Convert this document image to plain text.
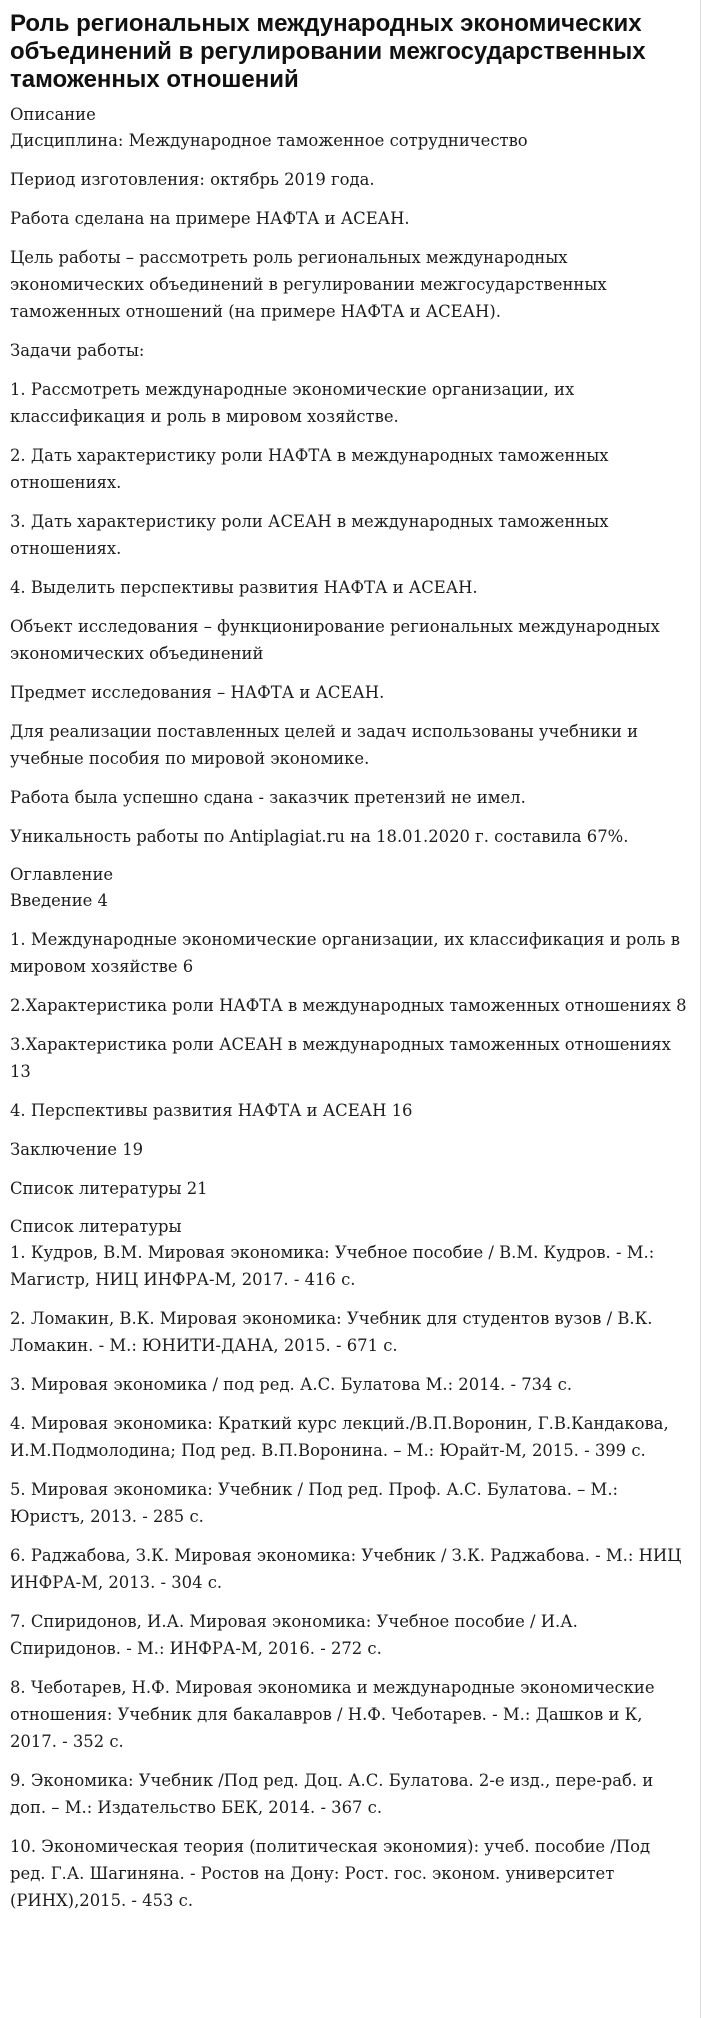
Роль региональных международных экономических объединений в регулировании межгосударственных таможенных отношений
Описание

Дисциплина: Международное таможенное сотрудничество

Период изготовления: октябрь 2019 года.

Работа сделана на примере НАФТА и АСЕАН.

Цель работы – рассмотреть роль региональных международных экономических объединений в регулировании межгосударственных таможенных отношений (на примере НАФТА и АСЕАН).

Задачи работы:

1. Рассмотреть международные экономические организации, их классификация и роль в мировом хозяйстве.

2. Дать характеристику роли НАФТА в международных таможенных отношениях.

3. Дать характеристику роли АСЕАН в международных таможенных отношениях.

4. Выделить перспективы развития НАФТА и АСЕАН.

Объект исследования – функционирование региональных международных экономических объединений

Предмет исследования – НАФТА и АСЕАН.

Для реализации поставленных целей и задач использованы учебники и учебные пособия по мировой экономике.

Работа была успешно сдана - заказчик претензий не имел.

Уникальность работы по Antiplagiat.ru на 18.01.2020 г. составила 67%.

Оглавление

Введение 4

1. Международные экономические организации, их классификация и роль в мировом хозяйстве 6

2.Характеристика роли НАФТА в международных таможенных отношениях 8

3.Характеристика роли АСЕАН в международных таможенных отношениях 13

4. Перспективы развития НАФТА и АСЕАН 16

Заключение 19

Список литературы 21

Список литературы

1. Кудров, В.М. Мировая экономика: Учебное пособие / В.М. Кудров. - М.: Магистр, НИЦ ИНФРА-М, 2017. - 416 с.

2. Ломакин, В.К. Мировая экономика: Учебник для студентов вузов / В.К. Ломакин. - М.: ЮНИТИ-ДАНА, 2015. - 671 с.

3. Мировая экономика / под ред. А.С. Булатова М.: 2014. - 734 с.

4. Мировая экономика: Краткий курс лекций./В.П.Воронин, Г.В.Кандакова, И.М.Подмолодина; Под ред. В.П.Воронина. – М.: Юрайт-М, 2015. - 399 с.

5. Мировая экономика: Учебник / Под ред. Проф. А.С. Булатова. – М.: Юристъ, 2013. - 285 с.

6. Раджабова, З.К. Мировая экономика: Учебник / З.К. Раджабова. - М.: НИЦ ИНФРА-М, 2013. - 304 с.

7. Спиридонов, И.А. Мировая экономика: Учебное пособие / И.А. Спиридонов. - М.: ИНФРА-М, 2016. - 272 с.

8. Чеботарев, Н.Ф. Мировая экономика и международные экономические отношения: Учебник для бакалавров / Н.Ф. Чеботарев. - М.: Дашков и К, 2017. - 352 с.

9. Экономика: Учебник /Под ред. Доц. А.С. Булатова. 2-е изд., пере-раб. и доп. – М.: Издательство БЕК, 2014. - 367 с.

10. Экономическая теория (политическая экономия): учеб. пособие /Под ред. Г.А. Шагиняна. - Ростов на Дону: Рост. гос. эконом. университет (РИНХ),2015. - 453 с.
